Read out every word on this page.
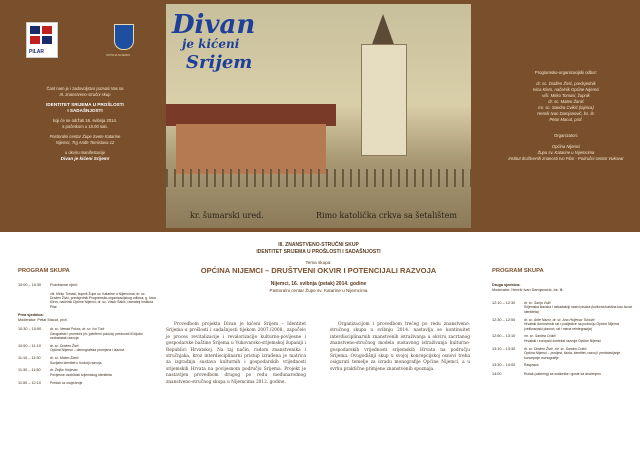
PILAR	OPĆINA NIJEMCI
Čast nam je i zadovoljstvo pozvati Vas na
III. znanstveno-stručni skup
IDENTITET SRIJEMA U PROŠLOSTI
I SADAŠNJOSTI
koji će se održati 16. svibnja 2014.
s početkom u 10.00 sati.
Pastoralni centar Župe Svete Katarine
Nijemci, Trg Anđe Tomislava 12
u okviru manifestacije
Divan je kićeni Srijem!
Divan
je kićeni
Srijem
kr. šumarski ured.	Rimo katolička crkva sa šetalištem
Programsko-organizacijski odbor:
dr. sc. Dražen Živić, predsjednik
Ivica Klem, načelnik Općine Nijemci
viši. Mirko Tomasi, župnik
dr. sc. Mateo Žanić
mr. sc. Sandra Cvikić (tajnica)
Henrik Ivan Damjanović, bs. lit.
Petar Macut, prof.
Organizatori:
Općina Nijemci
Župa sv. Katarine u Nijemcima
Institut društvenih znanosti Ivo Pilar - Područni centar Vukovar
III. ZNANSTVENO-STRUČNI SKUP
IDENTITET SRIJEMA U PROŠLOSTI I SADAŠNJOSTI
Tema skupa:
OPĆINA NIJEMCI – DRUŠTVENI OKVIR I POTENCIJALI RAZVOJA
Nijemci, 16. svibnja (petak) 2014. godine
Pastoralni centar Župe sv. Katarine u Nijemcima

Provedbom projekta Divan je kićeni Srijem – Identitet Srijema u prošlosti i sadašnjosti tijekom 2007./2008., započelo je proces revitalizacije i revalorizacije kulturno-povijesne i gospodarske baštine Srijema u Vukovarsko-srijemskoj županiji i Republici Hrvatskoj. Na taj način, radom znanstvenika i stručnjaka, kroz interdisciplinarni pristup izrađena je matrica za izgradnju sustava kulturnih i gospodarskih vrijednosti srijemskih Hrvata na povijesnom području Srijema. Projekt je nastavljen provedbom drugog po redu međunarodnog znanstveno-stručnog skupa u Nijemcima 2012. godine.

Organizacijom i provedbom trećeg po redu znanstveno-stručnog skupa u svibnju 2014. nastavlja se kontinuitet interdisciplinarnih znanstvenih istraživanja u okviru zacrtanog znanstveno-stručnog modela sustavnog istraživanja kulturno-gospodarskih vrijednosti srijemskih Hrvata na području Srijema. Ovogodišnji skup u svojoj koncepcijskoj osnovi treba osigurati temelje za izradu monografije Općine Nijemci, a u svrhu praktične primjene znanstvenih spoznaja.

PROGRAM SKUPA
10:00 – 10:30	Pozdravne riječi:
viš. Mirko Tomasi, župnik Župe sv. Katarine u Nijemcima; dr. sc. Dražen Živić, predsjednik Programsko-organizacijskog odbora; g. Ivica Klem, načelnik Općine Nijemci; dr. sc. Vlado Šakić, ravnatelj Instituta Pilar
Prva sjednica:
Moderator: Petar Macut, prof.
10:30 – 10:50	dr. sc. Nenad Pokos, dr. sc. Ivo Turk
Geografski i prometni (rh-)periferni položaj: prednosti ili ključni nedostatak razvoja
10:50 – 11:10	dr. sc. Dražen Živić
Općina Nijemci – demografska promjena i izazovi
11:10 – 11:30	dr. sc. Mateo Žanić
Socijalni identitet u funkciji razvoja
11:30 – 11:50	dr. Željko Holjevac
Povijesne osobitosti srijemskog identiteta
11:50 – 12:10	Predah uz osvježenje
PROGRAM SKUPA
Druga sjednica:
Moderator: Henrik Ivan Damjanović, bs. lit.
12:10 – 12:30	dr. sc. Sanja Vulić
Srijemska ikavska i nekadašnji nazivi pisaca (kulturna baština kao čuvar identiteta)
12:30 – 12:50	dr. sc. Ante Nazor, dr. sc. Ana Holjevac Tuković
Hrvatski domovinski rat i posljedice na području Općine Nijemci (velikosrpski planovi, rat i mirna reintegracija)
12:50 – 13:10	mr. sc. Sandra Cvikić
Hrvatski i europski kontekst razvoja Općine Nijemci
13:10 – 13:30	dr. sc. Dražen Živić, mr. sc. Sandra Cvikić
Općina Nijemci – povijest, škola, identitet, razvoj i predstavljanje koncepcije monografije
13:30 – 14:00	Rasprava
14:00	Ručak (catering) za sudionike i goste sa druženjem
